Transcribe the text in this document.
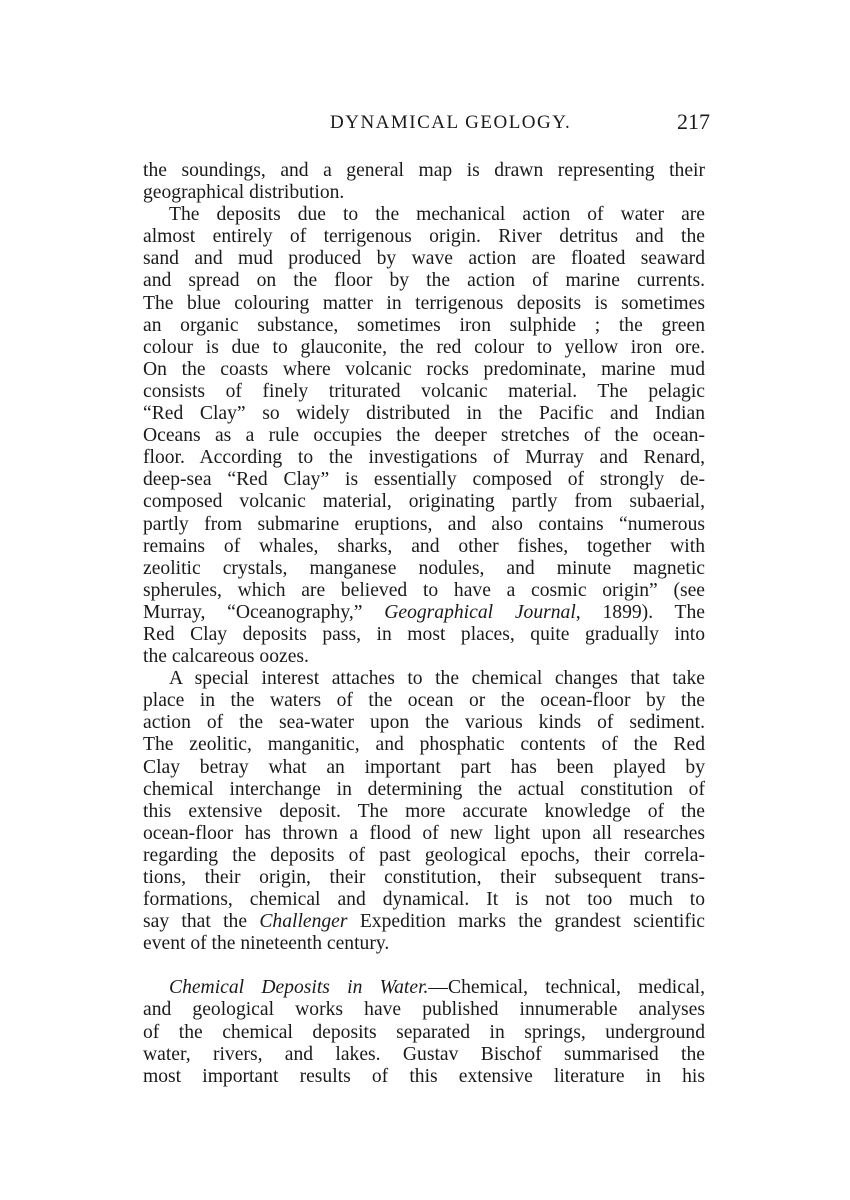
DYNAMICAL GEOLOGY.	217
the soundings, and a general map is drawn representing their
geographical distribution.
The deposits due to the mechanical action of water are
almost entirely of terrigenous origin. River detritus and the
sand and mud produced by wave action are floated seaward
and spread on the floor by the action of marine currents.
The blue colouring matter in terrigenous deposits is sometimes
an organic substance, sometimes iron sulphide ; the green
colour is due to glauconite, the red colour to yellow iron ore.
On the coasts where volcanic rocks predominate, marine mud
consists of finely triturated volcanic material. The pelagic
“Red Clay” so widely distributed in the Pacific and Indian
Oceans as a rule occupies the deeper stretches of the ocean-
floor. According to the investigations of Murray and Renard,
deep-sea “Red Clay” is essentially composed of strongly de-
composed volcanic material, originating partly from subaerial,
partly from submarine eruptions, and also contains “numerous
remains of whales, sharks, and other fishes, together with
zeolitic crystals, manganese nodules, and minute magnetic
spherules, which are believed to have a cosmic origin” (see
Murray, “Oceanography,” Geographical Journal, 1899). The
Red Clay deposits pass, in most places, quite gradually into
the calcareous oozes.
A special interest attaches to the chemical changes that take
place in the waters of the ocean or the ocean-floor by the
action of the sea-water upon the various kinds of sediment.
The zeolitic, manganitic, and phosphatic contents of the Red
Clay betray what an important part has been played by
chemical interchange in determining the actual constitution of
this extensive deposit. The more accurate knowledge of the
ocean-floor has thrown a flood of new light upon all researches
regarding the deposits of past geological epochs, their correla-
tions, their origin, their constitution, their subsequent trans-
formations, chemical and dynamical. It is not too much to
say that the Challenger Expedition marks the grandest scientific
event of the nineteenth century.
Chemical Deposits in Water.—Chemical, technical, medical,
and geological works have published innumerable analyses
of the chemical deposits separated in springs, underground
water, rivers, and lakes. Gustav Bischof summarised the
most important results of this extensive literature in his
